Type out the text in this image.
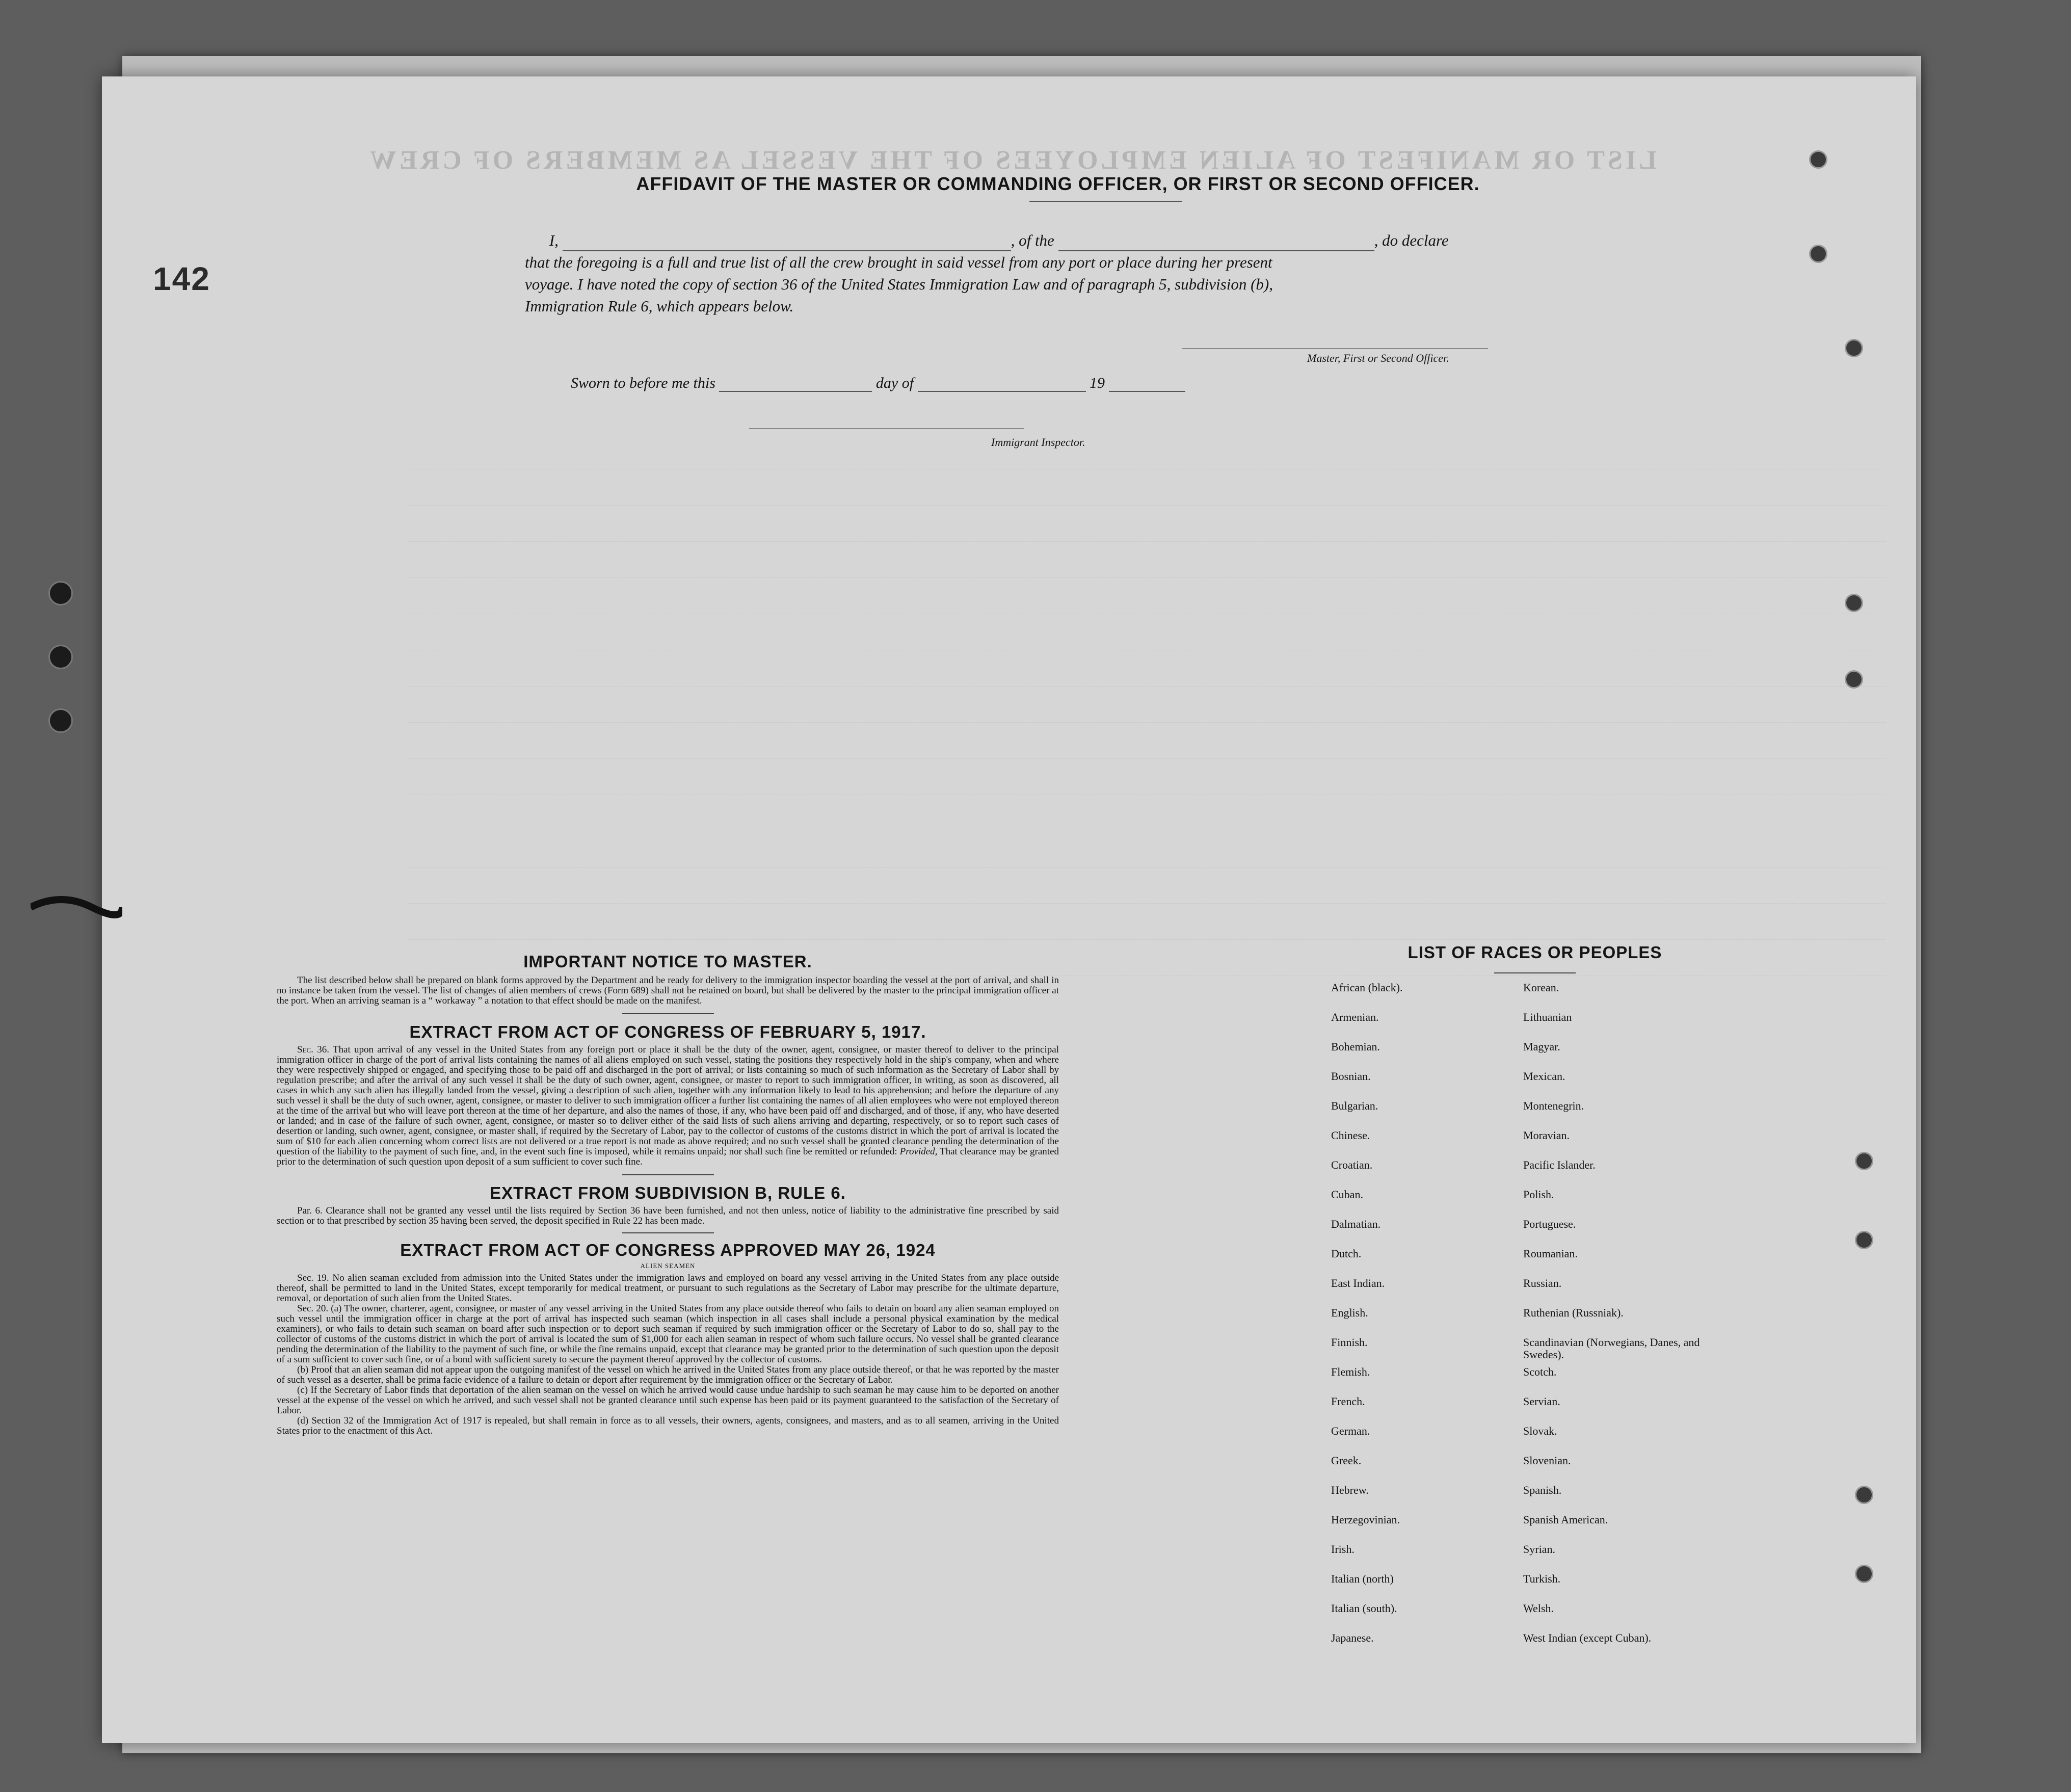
LIST OR MANIFEST OF ALIEN EMPLOYEES OF THE VESSEL AS MEMBERS OF CREW
142
AFFIDAVIT OF THE MASTER OR COMMANDING OFFICER, OR FIRST OR SECOND OFFICER.
I,	, of the	, do declare
that the foregoing is a full and true list of all the crew brought in said vessel from any port or place during her present
voyage. I have noted the copy of section 36 of the United States Immigration Law and of paragraph 5, subdivision (b),
Immigration Rule 6, which appears below.
Master, First or Second Officer.
Sworn to before me this	day of	19
Immigrant Inspector.
IMPORTANT NOTICE TO MASTER.

The list described below shall be prepared on blank forms approved by the Department and be ready for delivery to the immigration inspector boarding the vessel at the port of arrival, and shall in no instance be taken from the vessel. The list of changes of alien members of crews (Form 689) shall not be retained on board, but shall be delivered by the master to the principal immigration officer at the port. When an arriving seaman is a “ workaway ” a notation to that effect should be made on the manifest.

EXTRACT FROM ACT OF CONGRESS OF FEBRUARY 5, 1917.

Sec. 36. That upon arrival of any vessel in the United States from any foreign port or place it shall be the duty of the owner, agent, consignee, or master thereof to deliver to the principal immigration officer in charge of the port of arrival lists containing the names of all aliens employed on such vessel, stating the positions they respectively hold in the ship's company, when and where they were respectively shipped or engaged, and specifying those to be paid off and discharged in the port of arrival; or lists containing so much of such information as the Secretary of Labor shall by regulation prescribe; and after the arrival of any such vessel it shall be the duty of such owner, agent, consignee, or master to report to such immigration officer, in writing, as soon as discovered, all cases in which any such alien has illegally landed from the vessel, giving a description of such alien, together with any information likely to lead to his apprehension; and before the departure of any such vessel it shall be the duty of such owner, agent, consignee, or master to deliver to such immigration officer a further list containing the names of all alien employees who were not employed thereon at the time of the arrival but who will leave port thereon at the time of her departure, and also the names of those, if any, who have been paid off and discharged, and of those, if any, who have deserted or landed; and in case of the failure of such owner, agent, consignee, or master so to deliver either of the said lists of such aliens arriving and departing, respectively, or so to report such cases of desertion or landing, such owner, agent, consignee, or master shall, if required by the Secretary of Labor, pay to the collector of customs of the customs district in which the port of arrival is located the sum of $10 for each alien concerning whom correct lists are not delivered or a true report is not made as above required; and no such vessel shall be granted clearance pending the determination of the question of the liability to the payment of such fine, and, in the event such fine is imposed, while it remains unpaid; nor shall such fine be remitted or refunded: Provided, That clearance may be granted prior to the determination of such question upon deposit of a sum sufficient to cover such fine.

EXTRACT FROM SUBDIVISION B, RULE 6.

Par. 6. Clearance shall not be granted any vessel until the lists required by Section 36 have been furnished, and not then unless, notice of liability to the administrative fine prescribed by said section or to that prescribed by section 35 having been served, the deposit specified in Rule 22 has been made.

EXTRACT FROM ACT OF CONGRESS APPROVED MAY 26, 1924
ALIEN SEAMEN

Sec. 19. No alien seaman excluded from admission into the United States under the immigration laws and employed on board any vessel arriving in the United States from any place outside thereof, shall be permitted to land in the United States, except temporarily for medical treatment, or pursuant to such regulations as the Secretary of Labor may prescribe for the ultimate departure, removal, or deportation of such alien from the United States.

Sec. 20. (a) The owner, charterer, agent, consignee, or master of any vessel arriving in the United States from any place outside thereof who fails to detain on board any alien seaman employed on such vessel until the immigration officer in charge at the port of arrival has inspected such seaman (which inspection in all cases shall include a personal physical examination by the medical examiners), or who fails to detain such seaman on board after such inspection or to deport such seaman if required by such immigration officer or the Secretary of Labor to do so, shall pay to the collector of customs of the customs district in which the port of arrival is located the sum of $1,000 for each alien seaman in respect of whom such failure occurs. No vessel shall be granted clearance pending the determination of the liability to the payment of such fine, or while the fine remains unpaid, except that clearance may be granted prior to the determination of such question upon the deposit of a sum sufficient to cover such fine, or of a bond with sufficient surety to secure the payment thereof approved by the collector of customs.

(b) Proof that an alien seaman did not appear upon the outgoing manifest of the vessel on which he arrived in the United States from any place outside thereof, or that he was reported by the master of such vessel as a deserter, shall be prima facie evidence of a failure to detain or deport after requirement by the immigration officer or the Secretary of Labor.

(c) If the Secretary of Labor finds that deportation of the alien seaman on the vessel on which he arrived would cause undue hardship to such seaman he may cause him to be deported on another vessel at the expense of the vessel on which he arrived, and such vessel shall not be granted clearance until such expense has been paid or its payment guaranteed to the satisfaction of the Secretary of Labor.

(d) Section 32 of the Immigration Act of 1917 is repealed, but shall remain in force as to all vessels, their owners, agents, consignees, and masters, and as to all seamen, arriving in the United States prior to the enactment of this Act.

LIST OF RACES OR PEOPLES
African (black).
Armenian.
Bohemian.
Bosnian.
Bulgarian.
Chinese.
Croatian.
Cuban.
Dalmatian.
Dutch.
East Indian.
English.
Finnish.
Flemish.
French.
German.
Greek.
Hebrew.
Herzegovinian.
Irish.
Italian (north)
Italian (south).
Japanese.
Korean.
Lithuanian
Magyar.
Mexican.
Montenegrin.
Moravian.
Pacific Islander.
Polish.
Portuguese.
Roumanian.
Russian.
Ruthenian (Russniak).
Scandinavian (Norwegians, Danes, and Swedes).
Scotch.
Servian.
Slovak.
Slovenian.
Spanish.
Spanish American.
Syrian.
Turkish.
Welsh.
West Indian (except Cuban).
